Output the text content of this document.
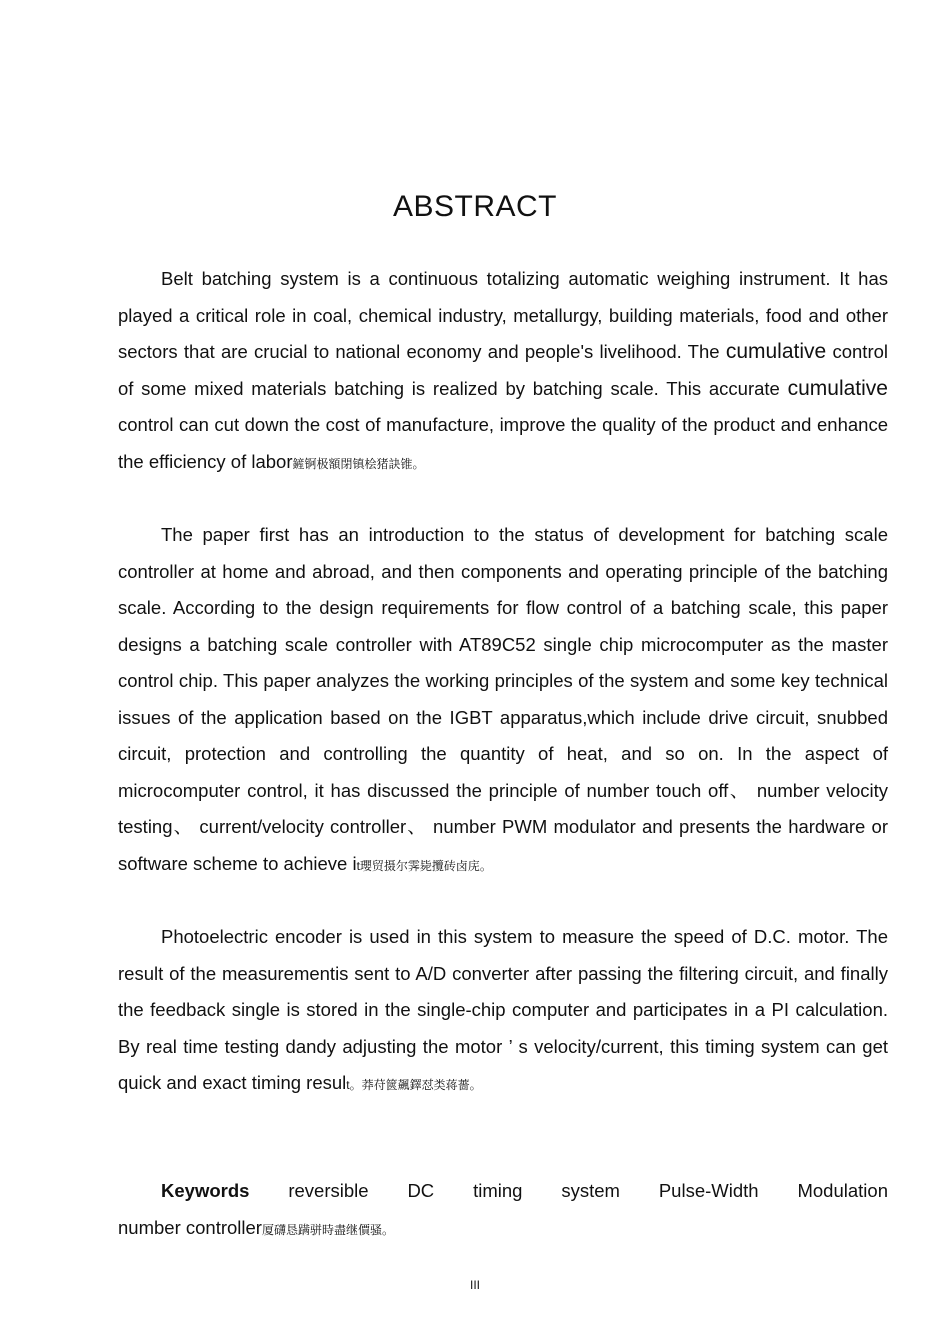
ABSTRACT

Belt batching system is a continuous totalizing automatic weighing instrument. It has played a critical role in coal, chemical industry, metallurgy, building materials, food and other sectors that are crucial to national economy and people's livelihood. The cumulative control of some mixed materials batching is realized by batching scale. This accurate cumulative control can cut down the cost of manufacture, improve the quality of the product and enhance the efficiency of labor鏟锕极額閉镇桧猪訣锥。

The paper first has an introduction to the status of development for batching scale controller at home and abroad, and then components and operating principle of the batching scale. According to the design requirements for flow control of a batching scale, this paper designs a batching scale controller with AT89C52 single chip microcomputer as the master control chip. This paper analyzes the working principles of the system and some key technical issues of the application based on the IGBT apparatus,which include drive circuit, snubbed circuit, protection and controlling the quantity of heat, and so on. In the aspect of microcomputer control, it has discussed the principle of number touch off、 number velocity testing、 current/velocity controller、 number PWM modulator and presents the hardware or software scheme to achieve it瓔贸摄尔霁毙攬砖卤庑。

Photoelectric encoder is used in this system to measure the speed of D.C. motor. The result of the measurementis sent to A/D converter after passing the filtering circuit, and finally the feedback single is stored in the single-chip computer and participates in a PI calculation. By real time testing dandy adjusting the motor ’ s velocity/current, this timing system can get quick and exact timing result。莽苻篋飆鐸怼类蒋薔。

Keywords reversible DC timing system Pulse-Width Modulation
number controller厦礴恳蹒骈時盡继價骚。
III
